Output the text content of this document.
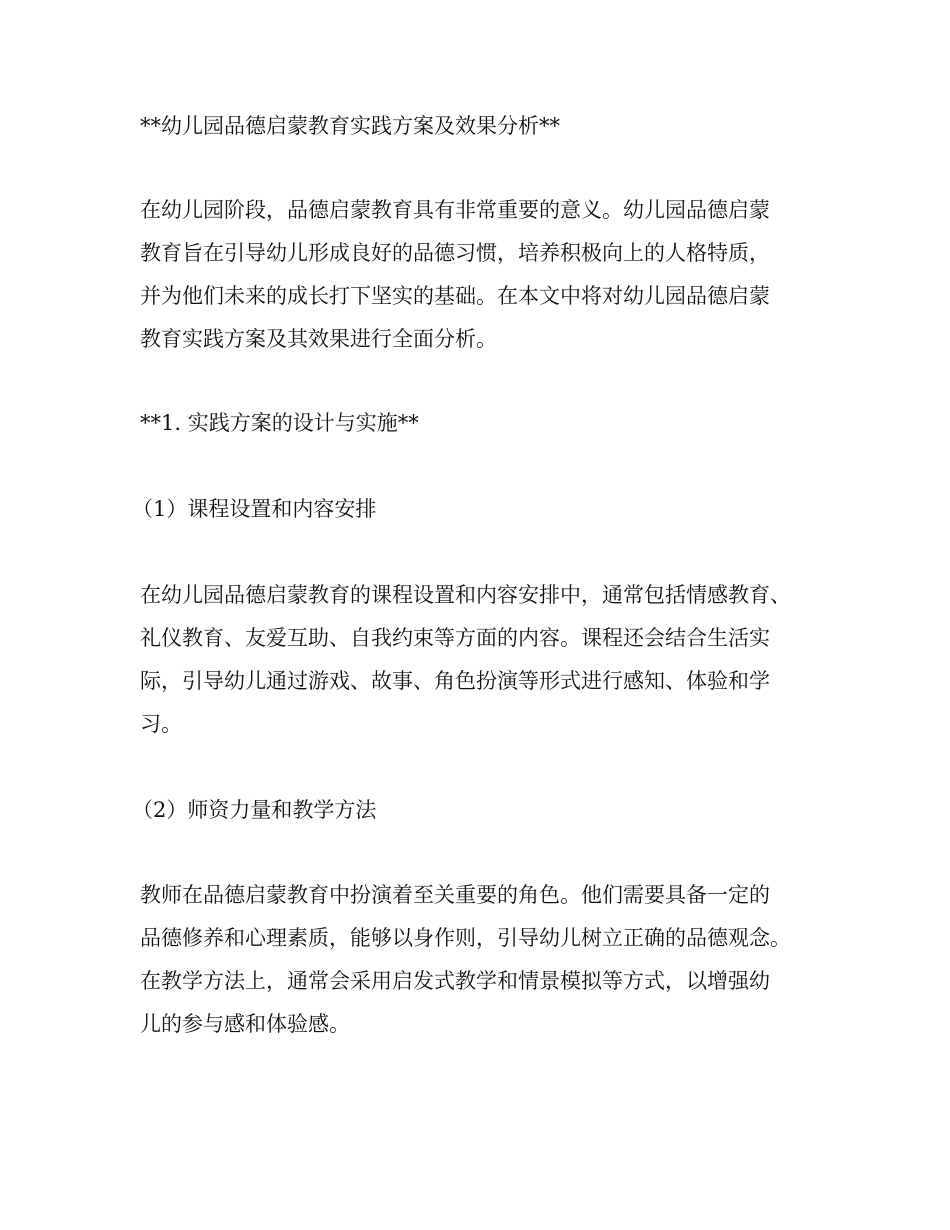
**幼儿园品德启蒙教育实践方案及效果分析**

在幼儿园阶段，品德启蒙教育具有非常重要的意义。幼儿园品德启蒙

教育旨在引导幼儿形成良好的品德习惯，培养积极向上的人格特质，

并为他们未来的成长打下坚实的基础。在本文中将对幼儿园品德启蒙

教育实践方案及其效果进行全面分析。

**1. 实践方案的设计与实施**

（1）课程设置和内容安排

在幼儿园品德启蒙教育的课程设置和内容安排中，通常包括情感教育、

礼仪教育、友爱互助、自我约束等方面的内容。课程还会结合生活实

际，引导幼儿通过游戏、故事、角色扮演等形式进行感知、体验和学

习。

（2）师资力量和教学方法

教师在品德启蒙教育中扮演着至关重要的角色。他们需要具备一定的

品德修养和心理素质，能够以身作则，引导幼儿树立正确的品德观念。

在教学方法上，通常会采用启发式教学和情景模拟等方式，以增强幼

儿的参与感和体验感。
